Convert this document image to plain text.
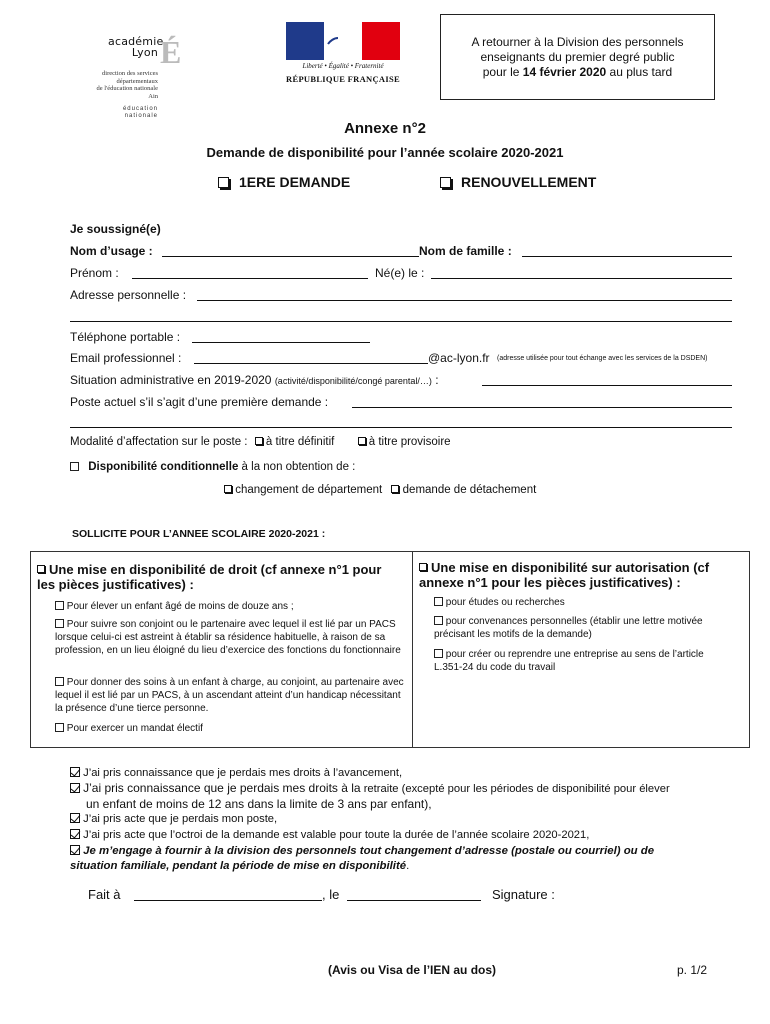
académie
Lyon É
direction des services
départementaux
de l'éducation nationale
Ain
éducation
nationale
Liberté • Égalité • Fraternité
RÉPUBLIQUE FRANÇAISE
A retourner à la Division des personnels
enseignants du premier degré public
pour le 14 février 2020 au plus tard
Annexe n°2
Demande de disponibilité pour l’année scolaire 2020-2021
1ERE DEMANDE	RENOUVELLEMENT
Je soussigné(e)
Nom d’usage :	Nom de famille :
Prénom :	Né(e) le :
Adresse personnelle :
Téléphone portable :
Email professionnel :	@ac-lyon.fr (adresse utilisée pour tout échange avec les services de la DSDEN)
Situation administrative en 2019-2020 (activité/disponibilité/congé parental/…) :
Poste actuel s’il s’agit d’une première demande :
Modalité d’affectation sur le poste : à titre définitif	à titre provisoire
Disponibilité conditionnelle à la non obtention de :
changement de département demande de détachement
SOLLICITE POUR L’ANNEE SCOLAIRE 2020-2021 :
Une mise en disponibilité de droit (cf annexe n°1 pour les pièces justificatives) :
Pour élever un enfant âgé de moins de douze ans ;
Pour suivre son conjoint ou le partenaire avec lequel il est lié par un PACS lorsque celui-ci est astreint à établir sa résidence habituelle, à raison de sa profession, en un lieu éloigné du lieu d’exercice des fonctions du fonctionnaire
Pour donner des soins à un enfant à charge, au conjoint, au partenaire avec lequel il est lié par un PACS, à un ascendant atteint d’un handicap nécessitant la présence d’une tierce personne.
Pour exercer un mandat électif
Une mise en disponibilité sur autorisation (cf annexe n°1 pour les pièces justificatives) :
pour études ou recherches
pour convenances personnelles (établir une lettre motivée précisant les motifs de la demande)
pour créer ou reprendre une entreprise au sens de l’article L.351-24 du code du travail
J’ai pris connaissance que je perdais mes droits à l’avancement,
J’ai pris connaissance que je perdais mes droits à la retraite (excepté pour les périodes de disponibilité pour élever
un enfant de moins de 12 ans dans la limite de 3 ans par enfant),
J’ai pris acte que je perdais mon poste,
J’ai pris acte que l’octroi de la demande est valable pour toute la durée de l’année scolaire 2020-2021,
Je m’engage à fournir à la division des personnels tout changement d’adresse (postale ou courriel) ou de
situation familiale, pendant la période de mise en disponibilité.
Fait à	, le	Signature :
(Avis ou Visa de l’IEN au dos)	p. 1/2
